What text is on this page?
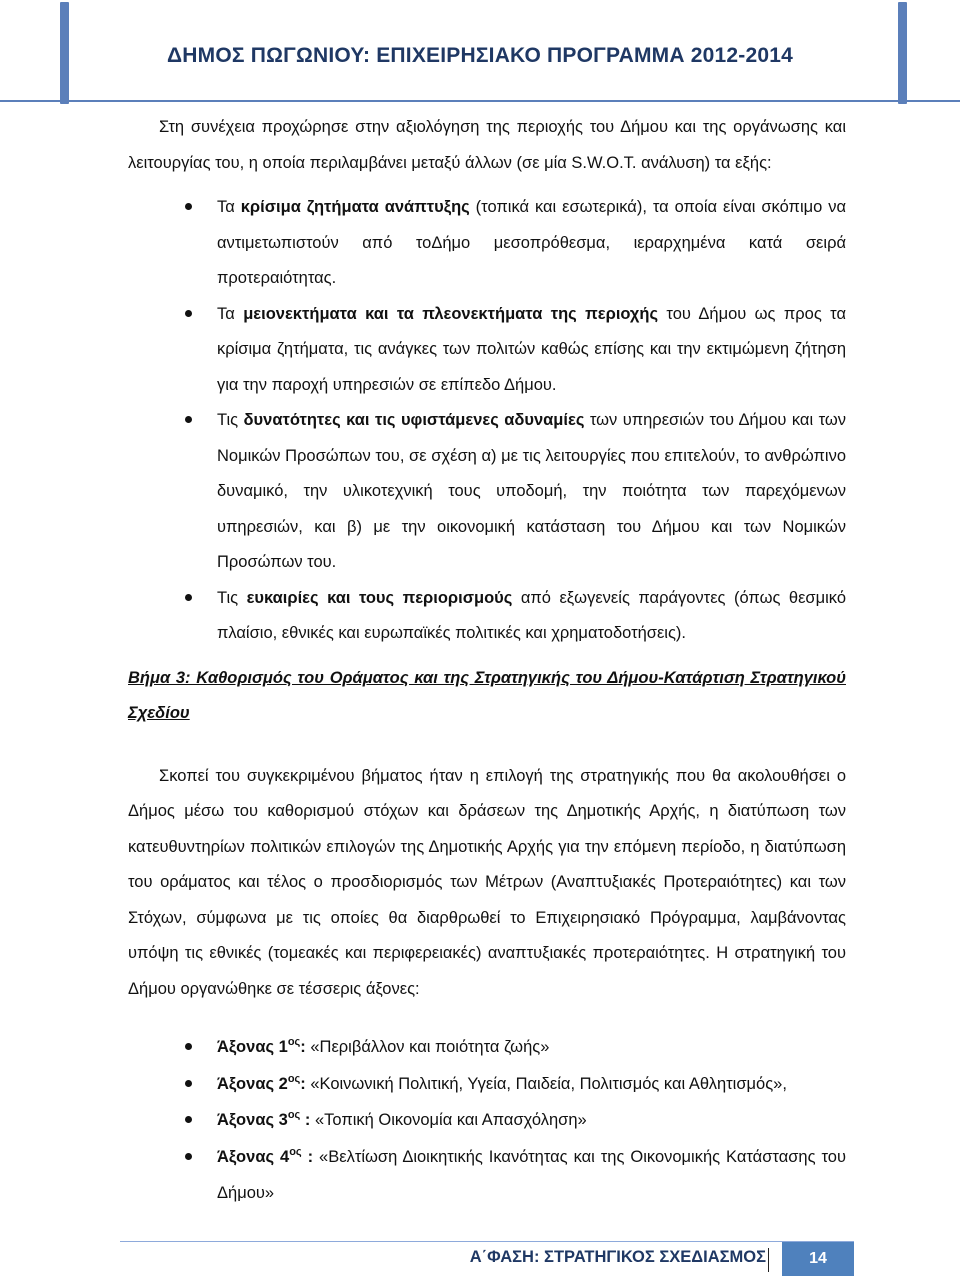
ΔΗΜΟΣ ΠΩΓΩΝΙΟΥ: ΕΠΙΧΕΙΡΗΣΙΑΚΟ ΠΡΟΓΡΑΜΜΑ 2012-2014

Στη συνέχεια προχώρησε στην αξιολόγηση της περιοχής του Δήμου και της οργάνωσης και λειτουργίας του, η οποία περιλαμβάνει μεταξύ άλλων (σε μία S.W.O.T. ανάλυση) τα εξής:

Τα κρίσιμα ζητήματα ανάπτυξης (τοπικά και εσωτερικά), τα οποία είναι σκόπιμο να αντιμετωπιστούν από τοΔήμο μεσοπρόθεσμα, ιεραρχημένα κατά σειρά προτεραιότητας.
Τα μειονεκτήματα και τα πλεονεκτήματα της περιοχής του Δήμου ως προς τα κρίσιμα ζητήματα, τις ανάγκες των πολιτών καθώς επίσης και την εκτιμώμενη ζήτηση για την παροχή υπηρεσιών σε επίπεδο Δήμου.
Τις δυνατότητες και τις υφιστάμενες αδυναμίες των υπηρεσιών του Δήμου και των Νομικών Προσώπων του, σε σχέση α) με τις λειτουργίες που επιτελούν, το ανθρώπινο δυναμικό, την υλικοτεχνική τους υποδομή, την ποιότητα των παρεχόμενων υπηρεσιών, και β) με την οικονομική κατάσταση του Δήμου και των Νομικών Προσώπων του.
Τις ευκαιρίες και τους περιορισμούς από εξωγενείς παράγοντες (όπως θεσμικό πλαίσιο, εθνικές και ευρωπαϊκές πολιτικές και χρηματοδοτήσεις).

Βήμα 3: Καθορισμός του Οράματος και της Στρατηγικής του Δήμου-Κατάρτιση Στρατηγικού Σχεδίου

Σκοπεί του συγκεκριμένου βήματος ήταν η επιλογή της στρατηγικής που θα ακολουθήσει ο Δήμος μέσω του καθορισμού στόχων και δράσεων της Δημοτικής Αρχής, η διατύπωση των κατευθυντηρίων πολιτικών επιλογών της Δημοτικής Αρχής για την επόμενη περίοδο, η διατύπωση του οράματος και τέλος ο προσδιορισμός των Μέτρων (Αναπτυξιακές Προτεραιότητες) και των Στόχων, σύμφωνα με τις οποίες θα διαρθρωθεί το Επιχειρησιακό Πρόγραμμα, λαμβάνοντας υπόψη τις εθνικές (τομεακές και περιφερειακές) αναπτυξιακές προτεραιότητες. Η στρατηγική του Δήμου οργανώθηκε σε τέσσερις άξονες:

Άξονας $1^{o\varsigma}$: «Περιβάλλον και ποιότητα ζωής»
Άξονας $2^{o\varsigma}$: «Κοινωνική Πολιτική, Υγεία, Παιδεία, Πολιτισμός και Αθλητισμός»,
Άξονας $3^{o\varsigma}$ : «Τοπική Οικονομία και Απασχόληση»
Άξονας $4^{o\varsigma}$ : «Βελτίωση Διοικητικής Ικανότητας και της Οικονομικής Κατάστασης του Δήμου»
Α΄ΦΑΣΗ: ΣΤΡΑΤΗΓΙΚΟΣ ΣΧΕΔΙΑΣΜΟΣ	14
